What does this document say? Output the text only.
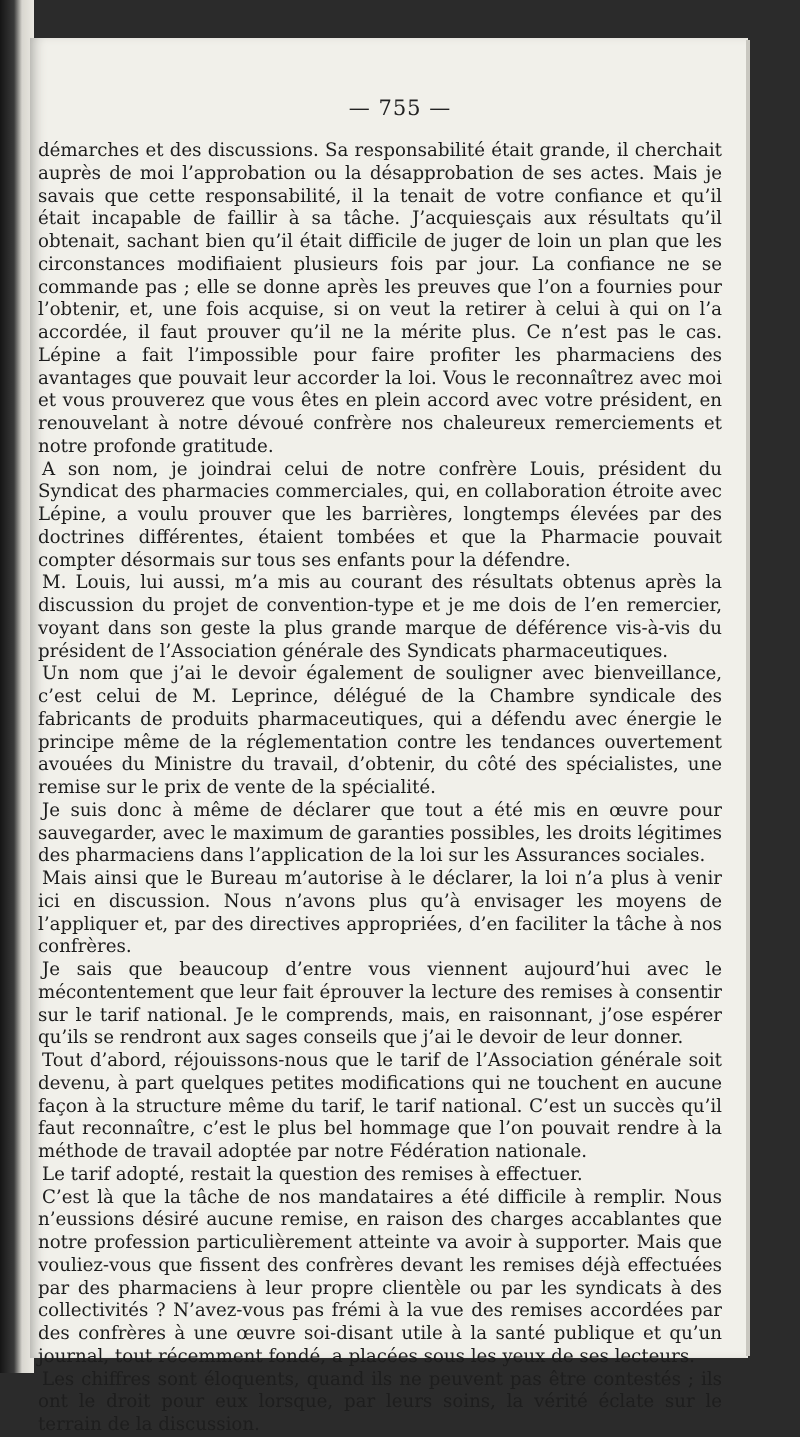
— 755 —

démarches et des discussions. Sa responsabilité était grande, il cherchait auprès de moi l’approbation ou la désapprobation de ses actes. Mais je savais que cette responsabilité, il la tenait de votre confiance et qu’il était incapable de faillir à sa tâche. J’acquiesçais aux résultats qu’il obtenait, sachant bien qu’il était difficile de juger de loin un plan que les circonstances modifiaient plusieurs fois par jour. La confiance ne se commande pas ; elle se donne après les preuves que l’on a fournies pour l’obtenir, et, une fois acquise, si on veut la retirer à celui à qui on l’a accordée, il faut prouver qu’il ne la mérite plus. Ce n’est pas le cas. Lépine a fait l’impossible pour faire profiter les pharmaciens des avantages que pouvait leur accorder la loi. Vous le reconnaîtrez avec moi et vous prouverez que vous êtes en plein accord avec votre président, en renouvelant à notre dévoué confrère nos chaleureux remerciements et notre profonde gratitude.

A son nom, je joindrai celui de notre confrère Louis, président du Syndicat des pharmacies commerciales, qui, en collaboration étroite avec Lépine, a voulu prouver que les barrières, longtemps élevées par des doctrines différentes, étaient tombées et que la Pharmacie pouvait compter désormais sur tous ses enfants pour la défendre.

M. Louis, lui aussi, m’a mis au courant des résultats obtenus après la discussion du projet de convention-type et je me dois de l’en remercier, voyant dans son geste la plus grande marque de déférence vis-à-vis du président de l’Association générale des Syndicats pharmaceutiques.

Un nom que j’ai le devoir également de souligner avec bienveillance, c’est celui de M. Leprince, délégué de la Chambre syndicale des fabricants de produits pharmaceutiques, qui a défendu avec énergie le principe même de la réglementation contre les tendances ouvertement avouées du Ministre du travail, d’obtenir, du côté des spécialistes, une remise sur le prix de vente de la spécialité.

Je suis donc à même de déclarer que tout a été mis en œuvre pour sauvegarder, avec le maximum de garanties possibles, les droits légitimes des pharmaciens dans l’application de la loi sur les Assurances sociales.

Mais ainsi que le Bureau m’autorise à le déclarer, la loi n’a plus à venir ici en discussion. Nous n’avons plus qu’à envisager les moyens de l’appliquer et, par des directives appropriées, d’en faciliter la tâche à nos confrères.

Je sais que beaucoup d’entre vous viennent aujourd’hui avec le mécontentement que leur fait éprouver la lecture des remises à consentir sur le tarif national. Je le comprends, mais, en raisonnant, j’ose espérer qu’ils se rendront aux sages conseils que j’ai le devoir de leur donner.

Tout d’abord, réjouissons-nous que le tarif de l’Association générale soit devenu, à part quelques petites modifications qui ne touchent en aucune façon à la structure même du tarif, le tarif national. C’est un succès qu’il faut reconnaître, c’est le plus bel hommage que l’on pouvait rendre à la méthode de travail adoptée par notre Fédération nationale.

Le tarif adopté, restait la question des remises à effectuer.

C’est là que la tâche de nos mandataires a été difficile à remplir. Nous n’eussions désiré aucune remise, en raison des charges accablantes que notre profession particulièrement atteinte va avoir à supporter. Mais que vouliez-vous que fissent des confrères devant les remises déjà effectuées par des pharmaciens à leur propre clientèle ou par les syndicats à des collectivités ? N’avez-vous pas frémi à la vue des remises accordées par des confrères à une œuvre soi-disant utile à la santé publique et qu’un journal, tout récemment fondé, a placées sous les yeux de ses lecteurs.

Les chiffres sont éloquents, quand ils ne peuvent pas être contestés ; ils ont le droit pour eux lorsque, par leurs soins, la vérité éclate sur le terrain de la discussion.
